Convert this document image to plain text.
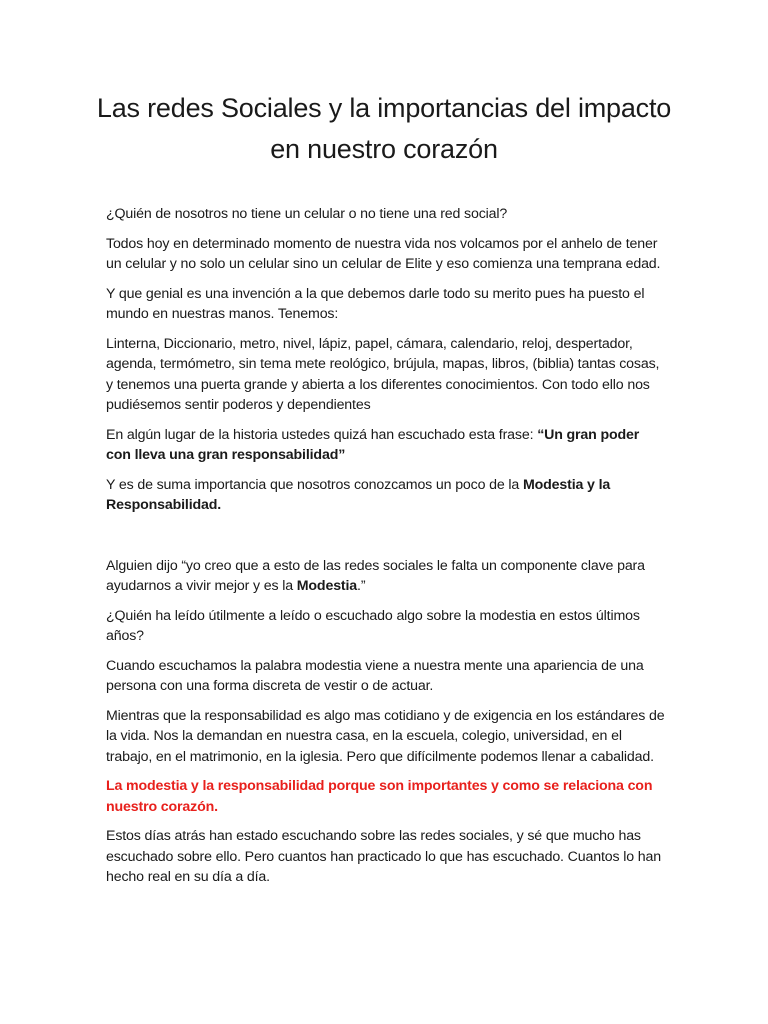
Las redes Sociales y la importancias del impacto
en nuestro corazón

¿Quién de nosotros no tiene un celular o no tiene una red social?

Todos hoy en determinado momento de nuestra vida nos volcamos por el anhelo de tener un celular y no solo un celular sino un celular de Elite y eso comienza una temprana edad.

Y que genial es una invención a la que debemos darle todo su merito pues ha puesto el mundo en nuestras manos. Tenemos:

Linterna, Diccionario, metro, nivel, lápiz, papel, cámara, calendario, reloj, despertador, agenda, termómetro, sin tema mete reológico, brújula, mapas, libros, (biblia) tantas cosas, y tenemos una puerta grande y abierta a los diferentes conocimientos. Con todo ello nos pudiésemos sentir poderos y dependientes

En algún lugar de la historia ustedes quizá han escuchado esta frase: “Un gran poder con lleva una gran responsabilidad”

Y es de suma importancia que nosotros conozcamos un poco de la Modestia y la Responsabilidad.

Alguien dijo “yo creo que a esto de las redes sociales le falta un componente clave para ayudarnos a vivir mejor y es la Modestia.”

¿Quién ha leído útilmente a leído o escuchado algo sobre la modestia en estos últimos años?

Cuando escuchamos la palabra modestia viene a nuestra mente una apariencia de una persona con una forma discreta de vestir o de actuar.

Mientras que la responsabilidad es algo mas cotidiano y de exigencia en los estándares de la vida. Nos la demandan en nuestra casa, en la escuela, colegio, universidad, en el trabajo, en el matrimonio, en la iglesia. Pero que difícilmente podemos llenar a cabalidad.

La modestia y la responsabilidad porque son importantes y como se relaciona con nuestro corazón.

Estos días atrás han estado escuchando sobre las redes sociales, y sé que mucho has escuchado sobre ello. Pero cuantos han practicado lo que has escuchado. Cuantos lo han hecho real en su día a día.
